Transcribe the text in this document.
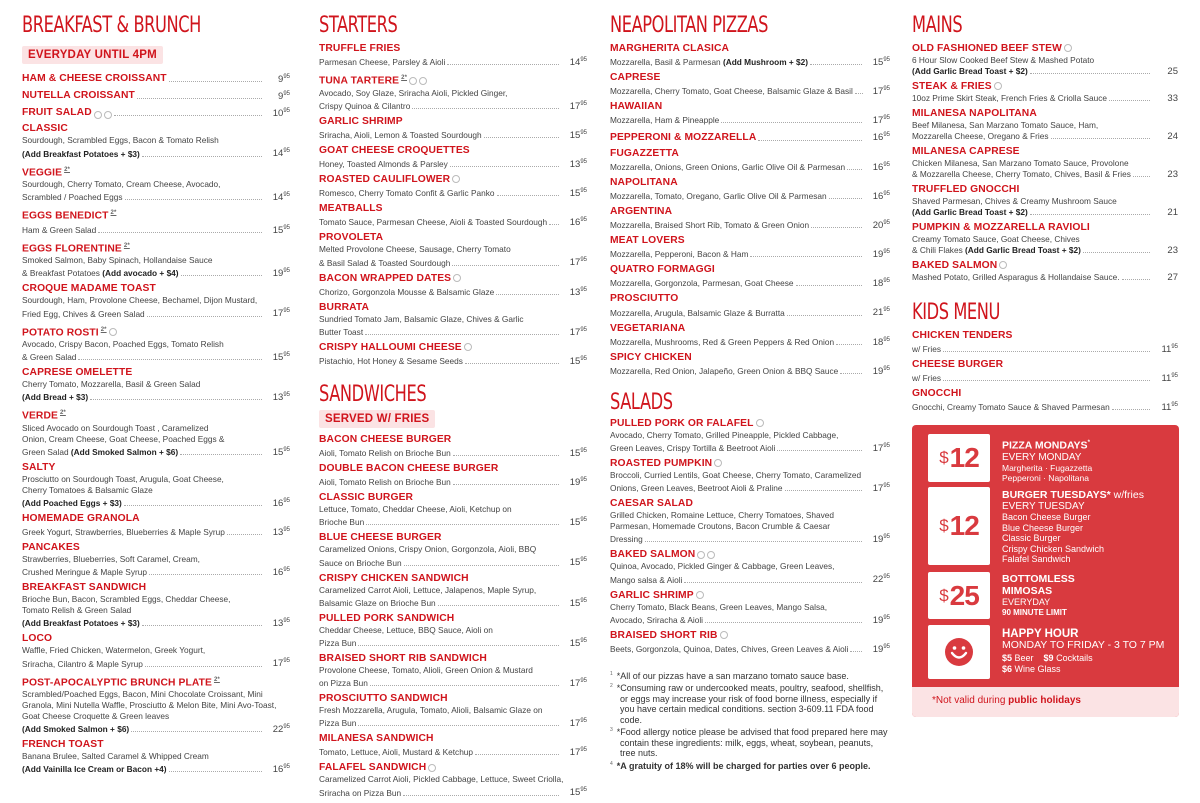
BREAKFAST & BRUNCH
EVERYDAY UNTIL 4PM
HAM & CHEESE CROISSANT	$9^{95}$
NUTELLA CROISSANT	$9^{95}$
FRUIT SALAD	$10^{95}$
CLASSIC
Sourdough, Scrambled Eggs, Bacon & Tomato Relish
(Add Breakfast Potatoes + $3)	$14^{95}$
VEGGIE $^{2*}$
Sourdough, Cherry Tomato, Cream Cheese, Avocado,
Scrambled / Poached Eggs	$14^{95}$
EGGS BENEDICT $^{2*}$
Ham & Green Salad	$15^{95}$
EGGS FLORENTINE $^{2*}$
Smoked Salmon, Baby Spinach, Hollandaise Sauce
& Breakfast Potatoes (Add avocado + $4)	$19^{95}$
CROQUE MADAME TOAST
Sourdough, Ham, Provolone Cheese, Bechamel, Dijon Mustard,
Fried Egg, Chives & Green Salad	$17^{95}$
POTATO ROSTI $^{2*}$
Avocado, Crispy Bacon, Poached Eggs, Tomato Relish
& Green Salad	$15^{95}$
CAPRESE OMELETTE
Cherry Tomato, Mozzarella, Basil & Green Salad
(Add Bread + $3)	$13^{95}$
VERDE $^{2*}$
Sliced Avocado on Sourdough Toast , Caramelized
Onion, Cream Cheese, Goat Cheese, Poached Eggs &
Green Salad (Add Smoked Salmon + $6)	$15^{95}$
SALTY
Prosciutto on Sourdough Toast, Arugula, Goat Cheese,
Cherry Tomatoes & Balsamic Glaze
(Add Poached Eggs + $3)	$16^{95}$
HOMEMADE GRANOLA
Greek Yogurt, Strawberries, Blueberries & Maple Syrup	$13^{95}$
PANCAKES
Strawberries, Blueberries, Soft Caramel, Cream,
Crushed Meringue & Maple Syrup	$16^{95}$
BREAKFAST SANDWICH
Brioche Bun, Bacon, Scrambled Eggs, Cheddar Cheese,
Tomato Relish & Green Salad
(Add Breakfast Potatoes + $3)	$13^{95}$
LOCO
Waffle, Fried Chicken, Watermelon, Greek Yogurt,
Sriracha, Cilantro & Maple Syrup	$17^{95}$
POST-APOCALYPTIC BRUNCH PLATE $^{2*}$
Scrambled/Poached Eggs, Bacon, Mini Chocolate Croissant, Mini
Granola, Mini Nutella Waffle, Prosciutto & Melon Bite, Mini Avo-Toast,
Goat Cheese Croquette & Green leaves
(Add Smoked Salmon + $6)	$22^{95}$
FRENCH TOAST
Banana Brulee, Salted Caramel & Whipped Cream
(Add Vainilla Ice Cream or Bacon +4)	$16^{95}$
STARTERS
TRUFFLE FRIES
Parmesan Cheese, Parsley & Aioli	$14^{95}$
TUNA TARTERE $^{2*}$
Avocado, Soy Glaze, Sriracha Aioli, Pickled Ginger,
Crispy Quinoa & Cilantro	$17^{95}$
GARLIC SHRIMP
Sriracha, Aioli, Lemon & Toasted Sourdough	$15^{95}$
GOAT CHEESE CROQUETTES
Honey, Toasted Almonds & Parsley	$13^{95}$
ROASTED CAULIFLOWER
Romesco, Cherry Tomato Confit & Garlic Panko	$15^{95}$
MEATBALLS
Tomato Sauce, Parmesan Cheese, Aioli & Toasted Sourdough	$16^{95}$
PROVOLETA
Melted Provolone Cheese, Sausage, Cherry Tomato
& Basil Salad & Toasted Sourdough	$17^{95}$
BACON WRAPPED DATES
Chorizo, Gorgonzola Mousse & Balsamic Glaze	$13^{95}$
BURRATA
Sundried Tomato Jam, Balsamic Glaze, Chives & Garlic
Butter Toast	$17^{95}$
CRISPY HALLOUMI CHEESE
Pistachio, Hot Honey & Sesame Seeds	$15^{95}$
SANDWICHES
SERVED W/ FRIES
BACON CHEESE BURGER
Aioli, Tomato Relish on Brioche Bun	$15^{95}$
DOUBLE BACON CHEESE BURGER
Aioli, Tomato Relish on Brioche Bun	$19^{95}$
CLASSIC BURGER
Lettuce, Tomato, Cheddar Cheese, Aioli, Ketchup on
Brioche Bun	$15^{95}$
BLUE CHEESE BURGER
Caramelized Onions, Crispy Onion, Gorgonzola, Aioli, BBQ
Sauce on Brioche Bun	$15^{95}$
CRISPY CHICKEN SANDWICH
Caramelized Carrot Aioli, Lettuce, Jalapenos, Maple Syrup,
Balsamic Glaze on Brioche Bun	$15^{95}$
PULLED PORK SANDWICH
Cheddar Cheese, Lettuce, BBQ Sauce, Aioli on
Pizza Bun	$15^{95}$
BRAISED SHORT RIB SANDWICH
Provolone Cheese, Tomato, Alioli, Green Onion & Mustard
on Pizza Bun	$17^{95}$
PROSCIUTTO SANDWICH
Fresh Mozzarella, Arugula, Tomato, Alioli, Balsamic Glaze on
Pizza Bun	$17^{95}$
MILANESA SANDWICH
Tomato, Lettuce, Aioli, Mustard & Ketchup	$17^{95}$
FALAFEL SANDWICH
Caramelized Carrot Aioli, Pickled Cabbage, Lettuce, Sweet Criolla,
Sriracha on Pizza Bun	$15^{95}$
NEAPOLITAN PIZZAS
MARGHERITA CLASICA
Mozzarella, Basil & Parmesan (Add Mushroom + $2)	$15^{95}$
CAPRESE
Mozzarella, Cherry Tomato, Goat Cheese, Balsamic Glaze & Basil	$17^{95}$
HAWAIIAN
Mozzarella, Ham & Pineapple	$17^{95}$
PEPPERONI & MOZZARELLA	$16^{95}$
FUGAZZETTA
Mozzarella, Onions, Green Onions, Garlic Olive Oil & Parmesan	$16^{95}$
NAPOLITANA
Mozzarella, Tomato, Oregano, Garlic Olive Oil & Parmesan	$16^{95}$
ARGENTINA
Mozzarella, Braised Short Rib, Tomato & Green Onion	$20^{95}$
MEAT LOVERS
Mozzarella, Pepperoni, Bacon & Ham	$19^{95}$
QUATRO FORMAGGI
Mozzarella, Gorgonzola, Parmesan, Goat Cheese	$18^{95}$
PROSCIUTTO
Mozzarella, Arugula, Balsamic Glaze & Burratta	$21^{95}$
VEGETARIANA
Mozzarella, Mushrooms, Red & Green Peppers & Red Onion	$18^{95}$
SPICY CHICKEN
Mozzarella, Red Onion, Jalapeño, Green Onion & BBQ Sauce	$19^{95}$
SALADS
PULLED PORK OR FALAFEL
Avocado, Cherry Tomato, Grilled Pineapple, Pickled Cabbage,
Green Leaves, Crispy Tortilla & Beetroot Aioli	$17^{95}$
ROASTED PUMPKIN
Broccoli, Curried Lentils, Goat Cheese, Cherry Tomato, Caramelized
Onions, Green Leaves, Beetroot Aioli & Praline	$17^{95}$
CAESAR SALAD
Grilled Chicken, Romaine Lettuce, Cherry Tomatoes, Shaved
Parmesan, Homemade Croutons, Bacon Crumble & Caesar
Dressing	$19^{95}$
BAKED SALMON
Quinoa, Avocado, Pickled Ginger & Cabbage, Green Leaves,
Mango salsa & Aioli	$22^{95}$
GARLIC SHRIMP
Cherry Tomato, Black Beans, Green Leaves, Mango Salsa,
Avocado, Sriracha & Aioli	$19^{95}$
BRAISED SHORT RIB
Beets, Gorgonzola, Quinoa, Dates, Chives, Green Leaves & Aioli	$19^{95}$
$^1$ *All of our pizzas have a san marzano tomato sauce base.
$^2$ *Consuming raw or undercooked meats, poultry, seafood, shellfish, or eggs may increase your risk of food borne illness, especially if you have certain medical conditions. section 3-609.11 FDA food code.
$^3$ *Food allergy notice please be advised that food prepared here may contain these ingredients: milk, eggs, wheat, soybean, peanuts, tree nuts.
$^4$ *A gratuity of 18% will be charged for parties over 6 people.
MAINS
OLD FASHIONED BEEF STEW
6 Hour Slow Cooked Beef Stew & Mashed Potato
(Add Garlic Bread Toast + $2)	25
STEAK & FRIES
10oz Prime Skirt Steak, French Fries & Criolla Sauce	33
MILANESA NAPOLITANA
Beef Milanesa, San Marzano Tomato Sauce, Ham,
Mozzarella Cheese, Oregano & Fries	24
MILANESA CAPRESE
Chicken Milanesa, San Marzano Tomato Sauce, Provolone
& Mozzarella Cheese, Cherry Tomato, Chives, Basil & Fries	23
TRUFFLED GNOCCHI
Shaved Parmesan, Chives & Creamy Mushroom Sauce
(Add Garlic Bread Toast + $2)	21
PUMPKIN & MOZZARELLA RAVIOLI
Creamy Tomato Sauce, Goat Cheese, Chives
& Chili Flakes (Add Garlic Bread Toast + $2)	23
BAKED SALMON
Mashed Potato, Grilled Asparagus & Hollandaise Sauce.	27
KIDS MENU
CHICKEN TENDERS
w/ Fries	$11^{95}$
CHEESE BURGER
w/ Fries	$11^{95}$
GNOCCHI
Gnocchi, Creamy Tomato Sauce & Shaved Parmesan	$11^{95}$
$ 12 PIZZA MONDAYS*
EVERY MONDAY
Margherita · Fugazzetta
Pepperoni · Napolitana
$ 12
BURGER TUESDAYS* w/fries
EVERY TUESDAY
Bacon Cheese Burger
Blue Cheese Burger
Classic Burger
Crispy Chicken Sandwich
Falafel Sandwich
$ 25
BOTTOMLESS
MIMOSAS
EVERYDAY
90 MINUTE LIMIT
HAPPY HOUR
MONDAY TO FRIDAY - 3 TO 7 PM
$5 Beer $9 Cocktails
$6 Wine Glass
*Not valid during public holidays
